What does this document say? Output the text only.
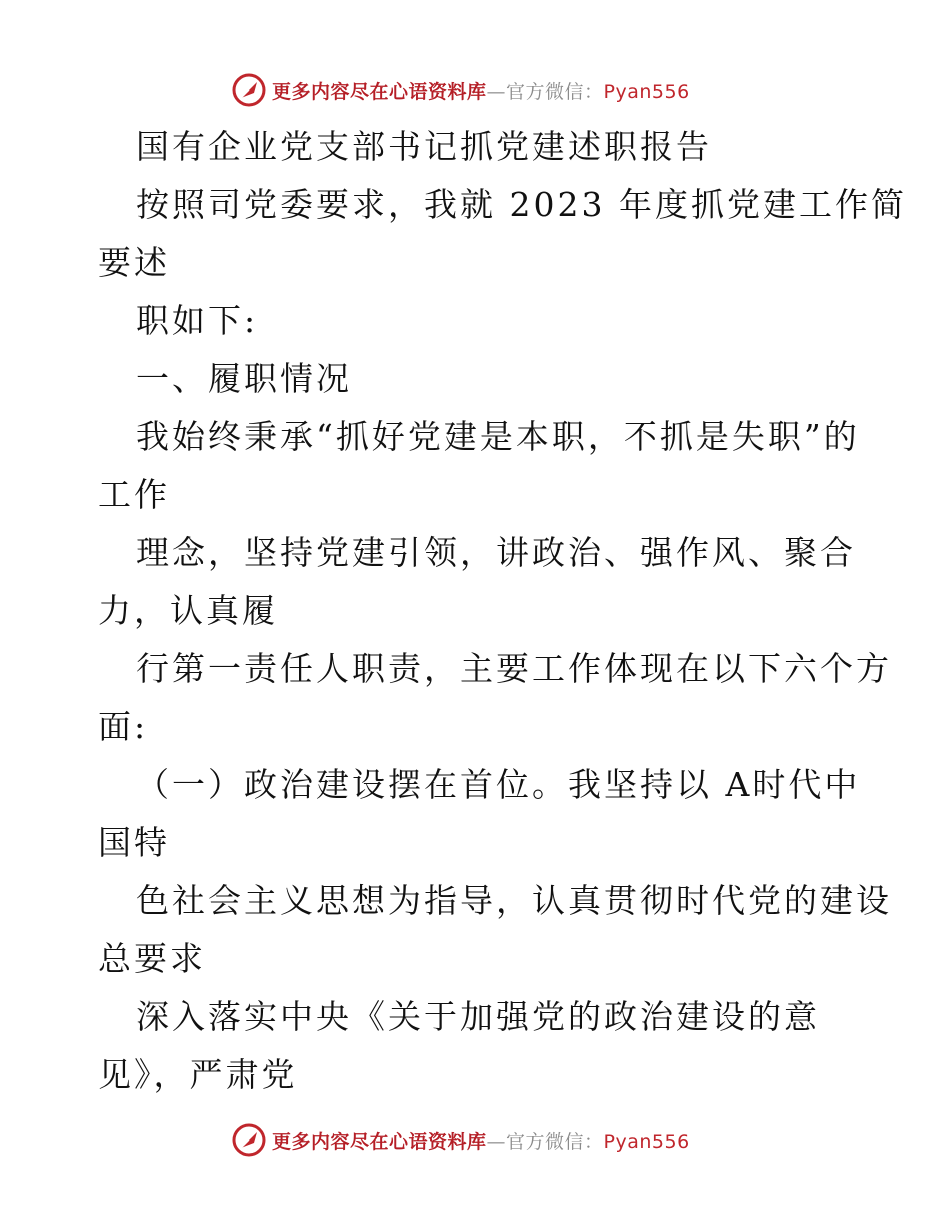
更多内容尽在心语资料库—官方微信：Pyan556
国有企业党支部书记抓党建述职报告
按照司党委要求，我就 2023 年度抓党建工作简
要述
职如下:
一、履职情况
我始终秉承“抓好党建是本职，不抓是失职”的
工作
理念，坚持党建引领，讲政治、强作风、聚合
力，认真履
行第一责任人职责，主要工作体现在以下六个方
面:
（一）政治建设摆在首位。我坚持以 A时代中
国特
色社会主义思想为指导，认真贯彻时代党的建设
总要求
深入落实中央《关于加强党的政治建设的意
见》，严肃党
更多内容尽在心语资料库—官方微信：Pyan556
